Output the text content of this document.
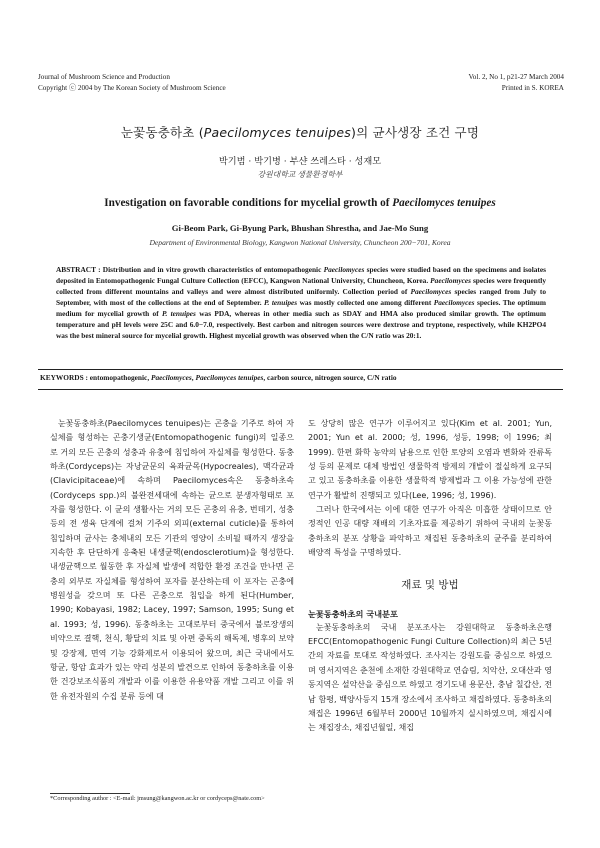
Journal of Mushroom Science and Production
Copyright ⓒ 2004 by The Korean Society of Mushroom Science
Vol. 2, No 1, p21-27 March 2004
Printed in S. KOREA
눈꽃동충하초 (Paecilomyces tenuipes)의 균사생장 조건 구명
박기범 · 박기병 · 부샨 쓰레스타 · 성재모
강원대학교 생물환경학부
Investigation on favorable conditions for mycelial growth of Paecilomyces tenuipes
Gi-Beom Park, Gi-Byung Park, Bhushan Shrestha, and Jae-Mo Sung
Department of Environmental Biology, Kangwon National University, Chuncheon 200−701, Korea
ABSTRACT : Distribution and in vitro growth characteristics of entomopathogenic Paecilomyces species were studied based on the specimens and isolates deposited in Entomopathogenic Fungal Culture Collection (EFCC), Kangwon National University, Chuncheon, Korea. Paecilomyces species were frequently collected from different mountains and valleys and were almost distributed uniformly. Collection period of Paecilomyces species ranged from July to September, with most of the collections at the end of September. P. tenuipes was mostly collected one among different Paecilomyces species. The optimum medium for mycelial growth of P. tenuipes was PDA, whereas in other media such as SDAY and HMA also produced similar growth. The optimum temperature and pH levels were 25C and 6.0−7.0, respectively. Best carbon and nitrogen sources were dextrose and tryptone, respectively, while KH2PO4 was the best mineral source for mycelial growth. Highest mycelial growth was observed when the C/N ratio was 20:1.
KEYWORDS : entomopathogenic, Paecilomyces, Paecilomyces tenuipes, carbon source, nitrogen source, C/N ratio

눈꽃동충하초(Paecilomyces tenuipes)는 곤충을 기주로 하여 자실체를 형성하는 곤충기생균(Entomopathogenic fungi)의 일종으로 거의 모든 곤충의 성충과 유충에 침입하여 자실체를 형성한다. 동충하초(Cordyceps)는 자낭균문의 육좌균목(Hypocreales), 맥각균과(Clavicipitaceae)에 속하며 Paecilomyces속은 동충하초속(Cordyceps spp.)의 불완전세대에 속하는 균으로 분생자형태로 포자를 형성한다. 이 균의 생활사는 거의 모든 곤충의 유충, 번데기, 성충 등의 전 생육 단계에 걸쳐 기주의 외피(external cuticle)를 통하여 침입하며 균사는 충체내의 모든 기관의 영양이 소비될 때까지 생장을 지속한 후 단단하게 응축된 내생균핵(endosclerotium)을 형성한다. 내생균핵으로 월동한 후 자실체 발생에 적합한 환경 조건을 만나면 곤충의 외부로 자실체를 형성하여 포자를 분산하는데 이 포자는 곤충에 병원성을 갖으며 또 다른 곤충으로 침입을 하게 된다(Humber, 1990; Kobayasi, 1982; Lacey, 1997; Samson, 1995; Sung et al. 1993; 성, 1996). 동충하초는 고대로부터 중국에서 불로장생의 비약으로 결핵, 천식, 황달의 치료 및 아편 중독의 해독제, 병후의 보약 및 강장제, 면역 기능 강화제로서 이용되어 왔으며, 최근 국내에서도 항균, 항암 효과가 있는 약리 성분의 발견으로 인하여 동충하초를 이용한 건강보조식품의 개발과 이를 이용한 유용약품 개발 그리고 이를 위한 유전자원의 수집 분류 등에 대

도 상당히 많은 연구가 이루어지고 있다(Kim et al. 2001; Yun, 2001; Yun et al. 2000; 성, 1996, 성등, 1998; 이 1996; 최 1999). 한편 화학 농약의 남용으로 인한 토양의 오염과 변화와 잔류독성 등의 문제로 대체 방법인 생물학적 방제의 개발이 절실하게 요구되고 있고 동충하초를 이용한 생물학적 방제법과 그 이용 가능성에 관한 연구가 활발히 진행되고 있다(Lee, 1996; 성, 1996).

그러나 한국에서는 이에 대한 연구가 아직은 미흡한 상태이므로 안정적인 인공 대량 재배의 기초자료를 제공하기 위하여 국내의 눈꽃동충하초의 분포 상황을 파악하고 채집된 동충하초의 균주를 분리하여 배양적 특성을 구명하였다.

재료 및 방법
눈꽃동충하초의 국내분포

눈꽃동충하초의 국내 분포조사는 강원대학교 동충하초은행 EFCC(Entomopathogenic Fungi Culture Collection)의 최근 5년간의 자료를 토대로 작성하였다. 조사지는 강원도를 중심으로 하였으며 영서지역은 춘천에 소재한 강원대학교 연습림, 치악산, 오대산과 영동지역은 설악산을 중심으로 하였고 경기도내 용문산, 충남 칠갑산, 전남 함평, 백양사등지 15개 장소에서 조사하고 채집하였다. 동충하초의 채집은 1996년 6월부터 2000년 10월까지 실시하였으며, 채집시에는 채집장소, 채집년월일, 채집

*Corresponding author : <E-mail: jmsung@kangwon.ac.kr or cordyceps@nate.com>
